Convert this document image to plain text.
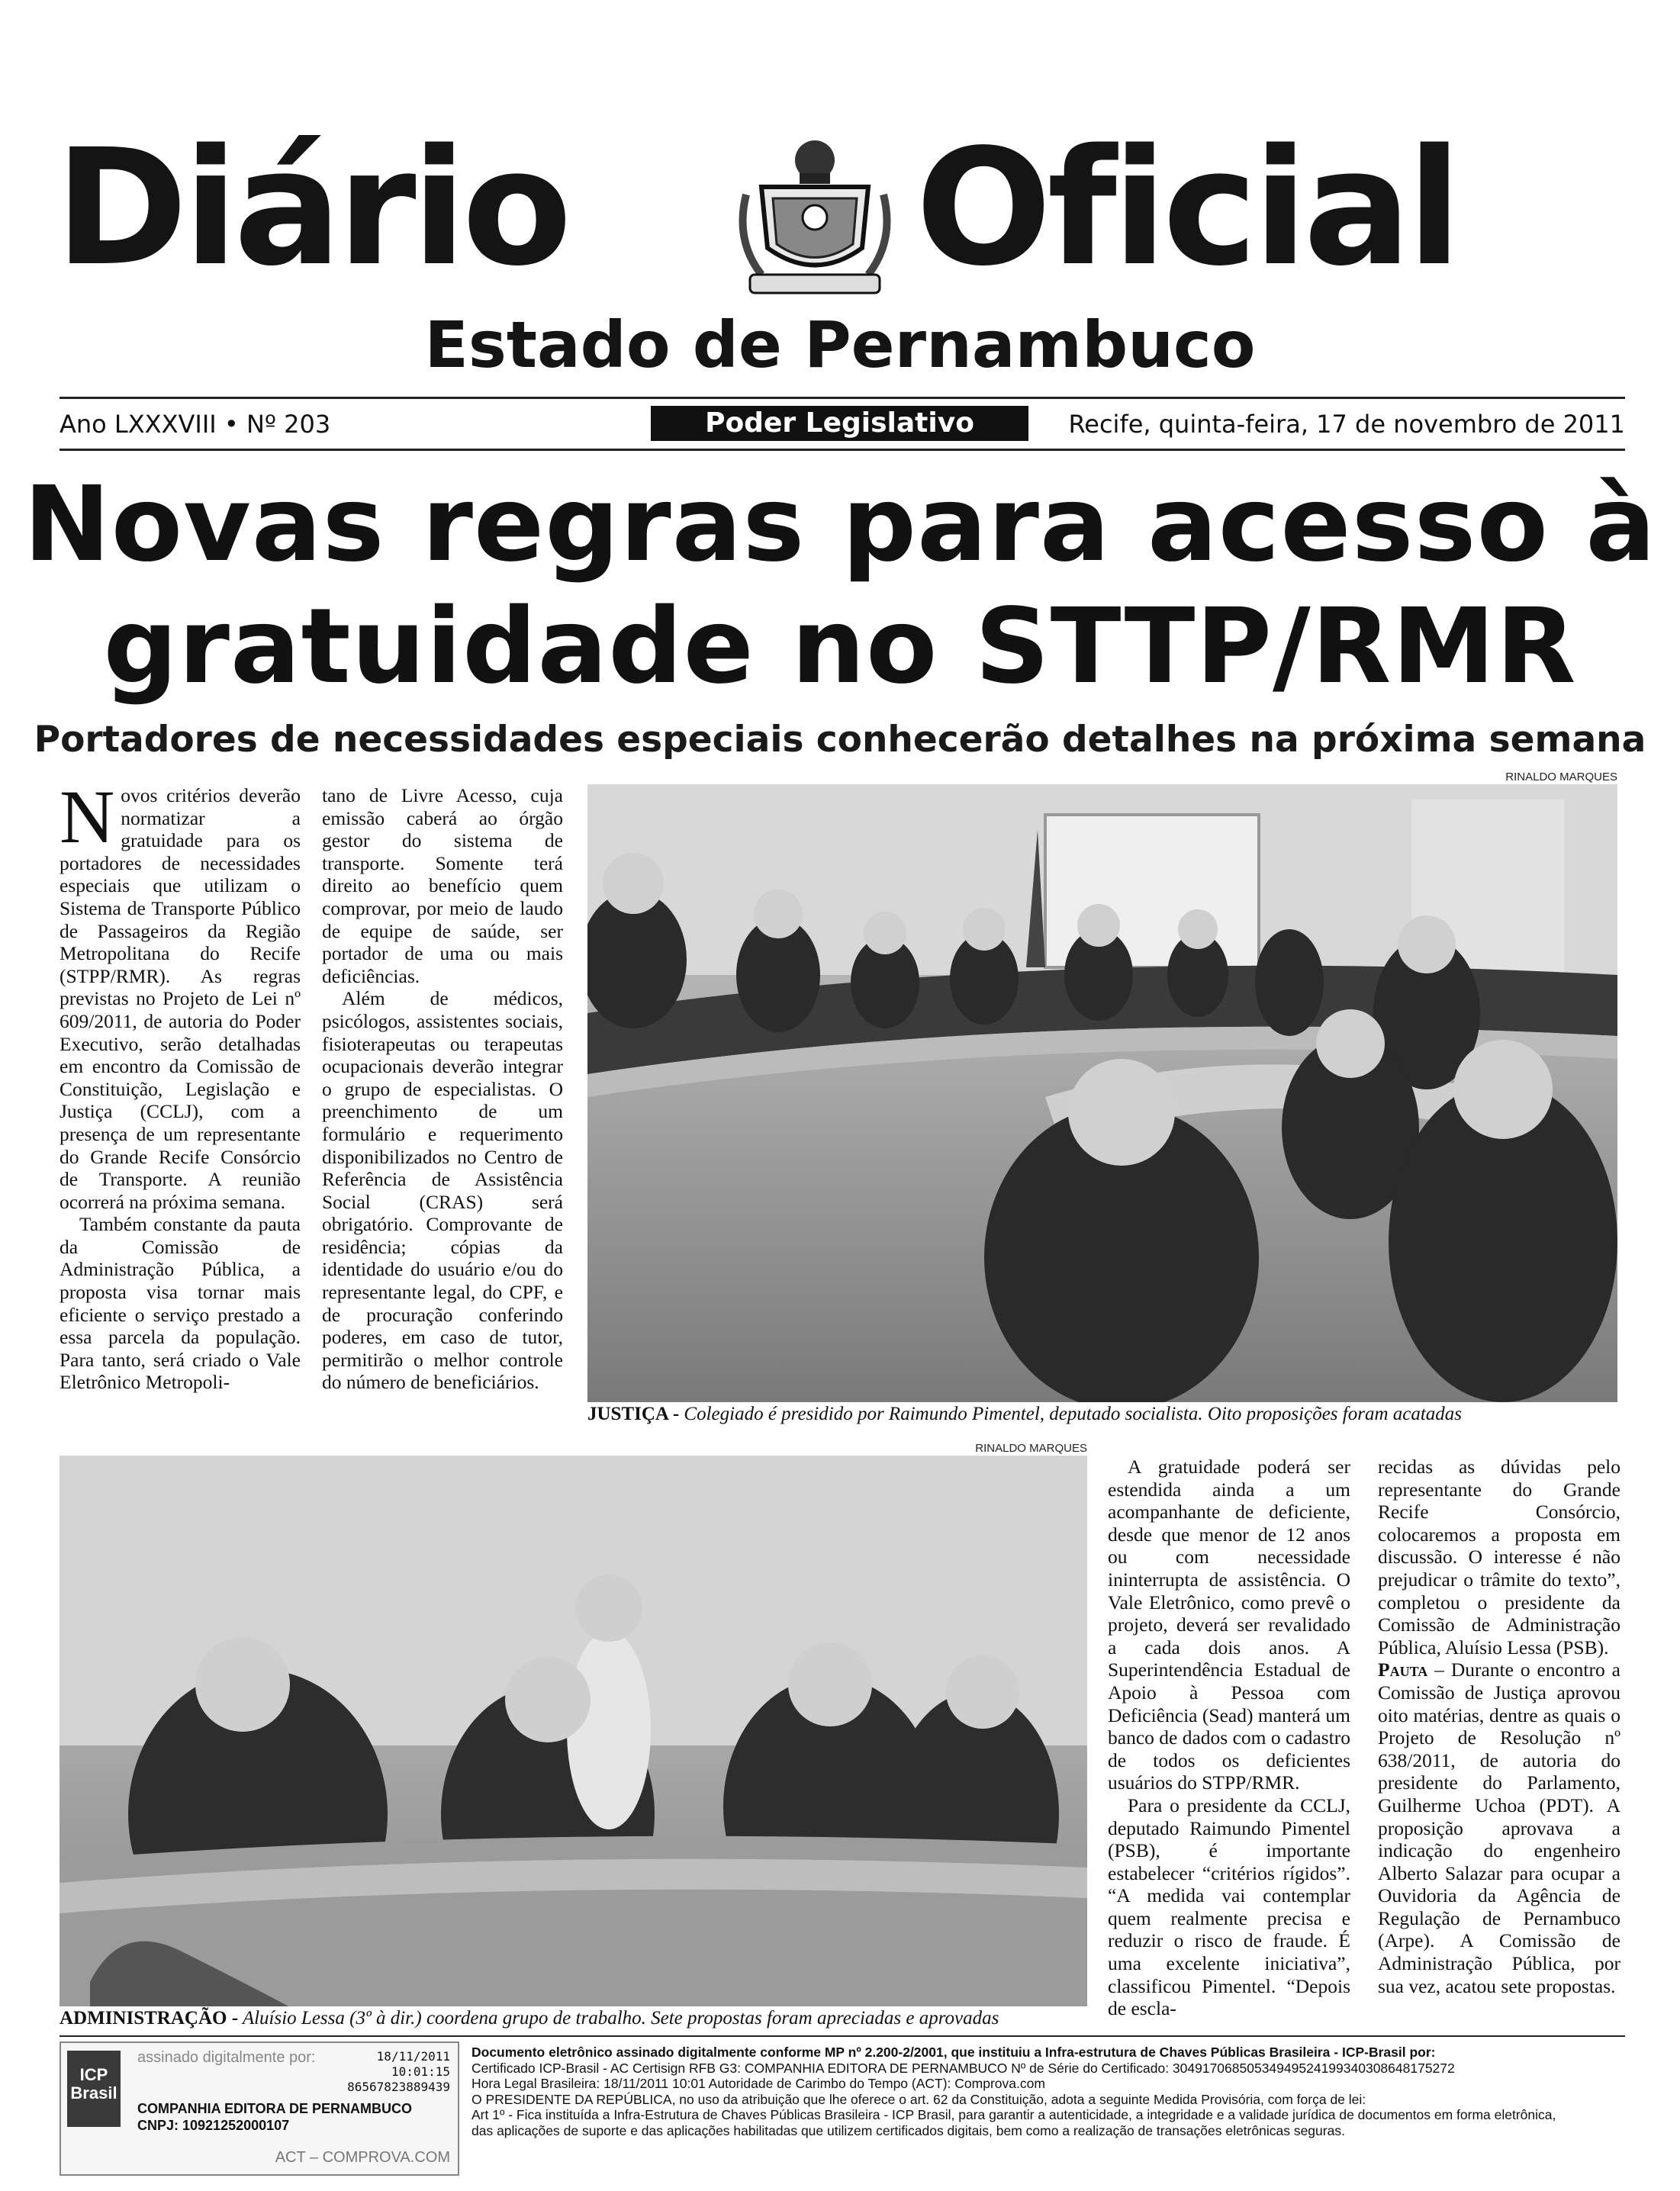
Diário Oficial
Estado de Pernambuco
Ano LXXXVIII • Nº 203	Poder Legislativo	Recife, quinta-feira, 17 de novembro de 2011
Novas regras para acesso à
gratuidade no STTP/RMR
Portadores de necessidades especiais conhecerão detalhes na próxima semana

Novos critérios deverão normatizar a gratuidade para os portadores de necessidades especiais que utilizam o Sistema de Transporte Público de Passageiros da Região Metropolitana do Recife (STPP/RMR). As regras previstas no Projeto de Lei nº 609/2011, de autoria do Poder Executivo, serão detalhadas em encontro da Comissão de Constituição, Legislação e Justiça (CCLJ), com a presença de um representante do Grande Recife Consórcio de Transporte. A reunião ocorrerá na próxima semana.

Também constante da pauta da Comissão de Administração Pública, a proposta visa tornar mais eficiente o serviço prestado a essa parcela da população. Para tanto, será criado o Vale Eletrônico Metropoli-

tano de Livre Acesso, cuja emissão caberá ao órgão gestor do sistema de transporte. Somente terá direito ao benefício quem comprovar, por meio de laudo de equipe de saúde, ser portador de uma ou mais deficiências.

Além de médicos, psicólogos, assistentes sociais, fisioterapeutas ou terapeutas ocupacionais deverão integrar o grupo de especialistas. O preenchimento de um formulário e requerimento disponibilizados no Centro de Referência de Assistência Social (CRAS) será obrigatório. Comprovante de residência; cópias da identidade do usuário e/ou do representante legal, do CPF, e de procuração conferindo poderes, em caso de tutor, permitirão o melhor controle do número de beneficiários.

RINALDO MARQUES
JUSTIÇA - Colegiado é presidido por Raimundo Pimentel, deputado socialista. Oito proposições foram acatadas
RINALDO MARQUES
ADMINISTRAÇÃO - Aluísio Lessa (3º à dir.) coordena grupo de trabalho. Sete propostas foram apreciadas e aprovadas

A gratuidade poderá ser estendida ainda a um acompanhante de deficiente, desde que menor de 12 anos ou com necessidade ininterrupta de assistência. O Vale Eletrônico, como prevê o projeto, deverá ser revalidado a cada dois anos. A Superintendência Estadual de Apoio à Pessoa com Deficiência (Sead) manterá um banco de dados com o cadastro de todos os deficientes usuários do STPP/RMR.

Para o presidente da CCLJ, deputado Raimundo Pimentel (PSB), é importante estabelecer “critérios rígidos”. “A medida vai contemplar quem realmente precisa e reduzir o risco de fraude. É uma excelente iniciativa”, classificou Pimentel. “Depois de escla-

recidas as dúvidas pelo representante do Grande Recife Consórcio, colocaremos a proposta em discussão. O interesse é não prejudicar o trâmite do texto”, completou o presidente da Comissão de Administração Pública, Aluísio Lessa (PSB).

Pauta – Durante o encontro a Comissão de Justiça aprovou oito matérias, dentre as quais o Projeto de Resolução nº 638/2011, de autoria do presidente do Parlamento, Guilherme Uchoa (PDT). A proposição aprovava a indicação do engenheiro Alberto Salazar para ocupar a Ouvidoria da Agência de Regulação de Pernambuco (Arpe). A Comissão de Administração Pública, por sua vez, acatou sete propostas.

ICP Brasil
assinado digitalmente por:	18/11/2011
10:01:15
86567823889439
COMPANHIA EDITORA DE PERNAMBUCO
CNPJ: 10921252000107
ACT – COMPROVA.COM
Documento eletrônico assinado digitalmente conforme MP nº 2.200-2/2001, que instituiu a Infra-estrutura de Chaves Públicas Brasileira - ICP-Brasil por:
Certificado ICP-Brasil - AC Certisign RFB G3: COMPANHIA EDITORA DE PERNAMBUCO Nº de Série do Certificado: 30491706850534949524199340308648175272
Hora Legal Brasileira: 18/11/2011 10:01 Autoridade de Carimbo do Tempo (ACT): Comprova.com
O PRESIDENTE DA REPÚBLICA, no uso da atribuição que lhe oferece o art. 62 da Constituição, adota a seguinte Medida Provisória, com força de lei:
Art 1º - Fica instituída a Infra-Estrutura de Chaves Públicas Brasileira - ICP Brasil, para garantir a autenticidade, a integridade e a validade jurídica de documentos em forma eletrônica,
das aplicações de suporte e das aplicações habilitadas que utilizem certificados digitais, bem como a realização de transações eletrônicas seguras.
